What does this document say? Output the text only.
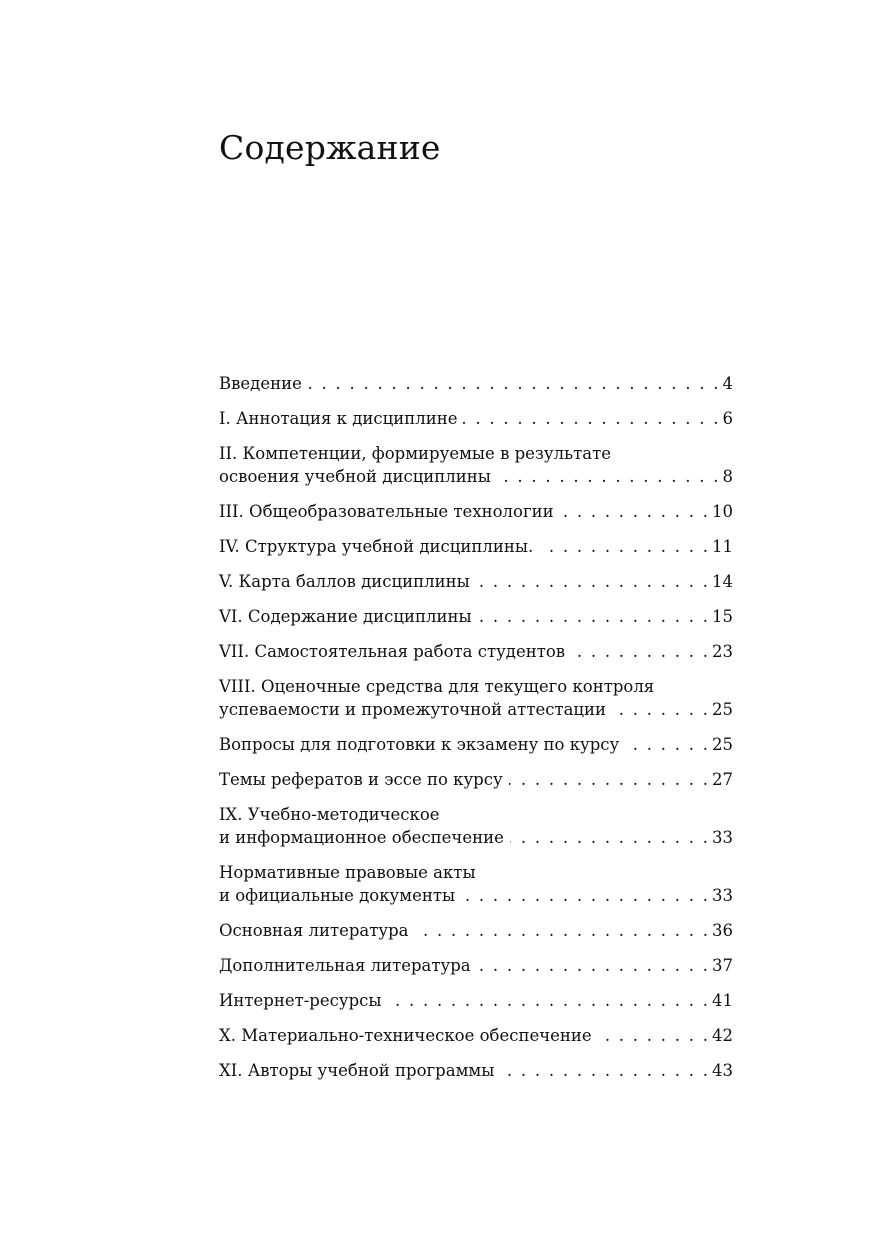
Содержание
Введение . . .	4
I. Аннотация к дисциплине . . .	6
II. Компетенции, формируемые в результате
освоения учебной дисциплины . . .	8
III. Общеобразовательные технологии . . .	10
IV. Структура учебной дисциплины. . . .	11
V. Карта баллов дисциплины . . .	14
VI. Содержание дисциплины . . .	15
VII. Самостоятельная работа студентов . . .	23
VIII. Оценочные средства для текущего контроля
успеваемости и промежуточной аттестации . . .	25
Вопросы для подготовки к экзамену по курсу . . .	25
Темы рефератов и эссе по курсу . . .	27
IX. Учебно-методическое
и информационное обеспечение . . .	33
Нормативные правовые акты
и официальные документы . . .	33
Основная литература . . .	36
Дополнительная литература . . .	37
Интернет-ресурсы . . .	41
X. Материально-техническое обеспечение . . .	42
XI. Авторы учебной программы . . .	43
